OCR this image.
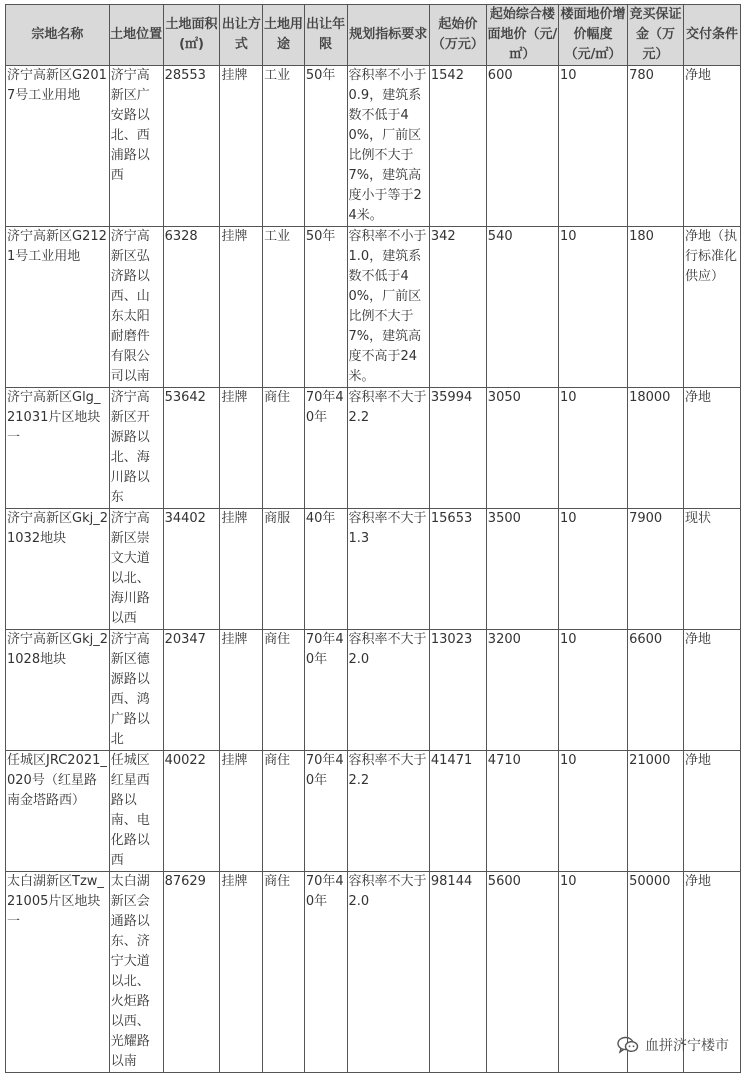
宗地名称	土地位置	土地面积(㎡)	出让方式	土地用途	出让年限	规划指标要求	起始价（万元）	起始综合楼面地价（元/㎡）	楼面地价增价幅度（元/㎡）	竞买保证金（万元）	交付条件
济宁高新区G2017号工业用地	济宁高新区广安路以北、西浦路以西	28553	挂牌	工业	50年	容积率不小于0.9，建筑系数不低于40%，厂前区比例不大于7%，建筑高度小于等于24米。	1542	600	10	780	净地
济宁高新区G2121号工业用地	济宁高新区弘济路以西、山东太阳耐磨件有限公司以南	6328	挂牌	工业	50年	容积率不小于1.0，建筑系数不低于40%，厂前区比例不大于7%，建筑高度不高于24米。	342	540	10	180	净地（执行标准化供应）
济宁高新区Glg_21031片区地块一	济宁高新区开源路以北、海川路以东	53642	挂牌	商住	70年40年	容积率不大于2.2	35994	3050	10	18000	净地
济宁高新区Gkj_21032地块	济宁高新区崇文大道以北、海川路以西	34402	挂牌	商服	40年	容积率不大于1.3	15653	3500	10	7900	现状
济宁高新区Gkj_21028地块	济宁高新区德源路以西、鸿广路以北	20347	挂牌	商住	70年40年	容积率不大于2.0	13023	3200	10	6600	净地
任城区JRC2021_020号（红星路南金塔路西）	任城区红星西路以南、电化路以西	40022	挂牌	商住	70年40年	容积率不大于2.2	41471	4710	10	21000	净地
太白湖新区Tzw_21005片区地块一	太白湖新区会通路以东、济宁大道以北、火炬路以西、光耀路以南	87629	挂牌	商住	70年40年	容积率不大于2.0	98144	5600	10	50000	净地
血拼济宁楼市
